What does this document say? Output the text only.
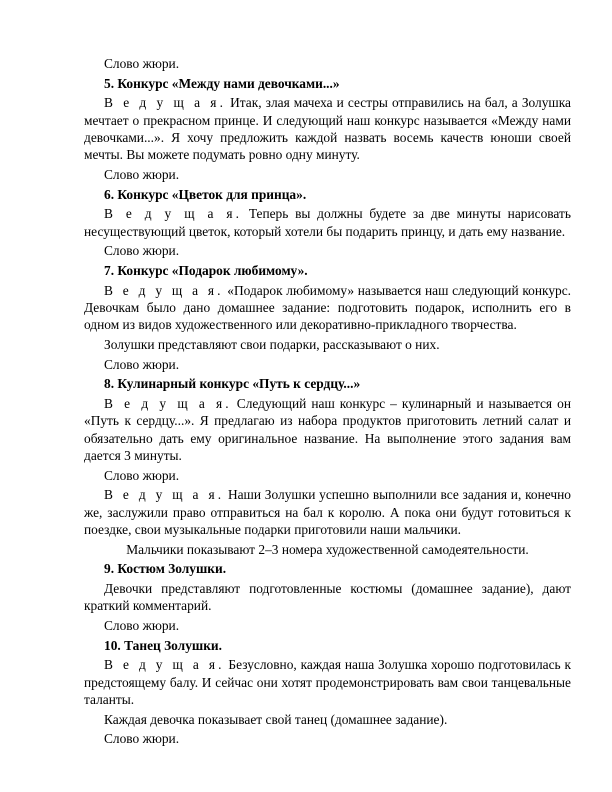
Слово жюри.

5. Конкурс «Между нами девочками...»

В е д у щ а я. Итак, злая мачеха и сестры отправились на бал, а Золушка мечтает о прекрасном принце. И следующий наш конкурс называется «Между нами девочками...». Я хочу предложить каждой назвать восемь качеств юноши своей мечты. Вы можете подумать ровно одну минуту.

Слово жюри.

6. Конкурс «Цветок для принца».

В е д у щ а я. Теперь вы должны будете за две минуты нарисовать несуществующий цветок, который хотели бы подарить принцу, и дать ему название.

Слово жюри.

7. Конкурс «Подарок любимому».

В е д у щ а я. «Подарок любимому» называется наш следующий конкурс. Девочкам было дано домашнее задание: подготовить подарок, исполнить его в одном из видов художественного или декоративно-прикладного творчества.

Золушки представляют свои подарки, рассказывают о них.

Слово жюри.

8. Кулинарный конкурс «Путь к сердцу...»

В е д у щ а я. Следующий наш конкурс – кулинарный и называется он «Путь к сердцу...». Я предлагаю из набора продуктов приготовить летний салат и обязательно дать ему оригинальное название. На выполнение этого задания вам дается 3 минуты.

Слово жюри.

В е д у щ а я. Наши Золушки успешно выполнили все задания и, конечно же, заслужили право отправиться на бал к королю. А пока они будут готовиться к поездке, свои музыкальные подарки приготовили наши мальчики.

Мальчики показывают 2–3 номера художественной самодеятельности.

9. Костюм Золушки.

Девочки представляют подготовленные костюмы (домашнее задание), дают краткий комментарий.

Слово жюри.

10. Танец Золушки.

В е д у щ а я. Безусловно, каждая наша Золушка хорошо подготовилась к предстоящему балу. И сейчас они хотят продемонстрировать вам свои танцевальные таланты.

Каждая девочка показывает свой танец (домашнее задание).

Слово жюри.
